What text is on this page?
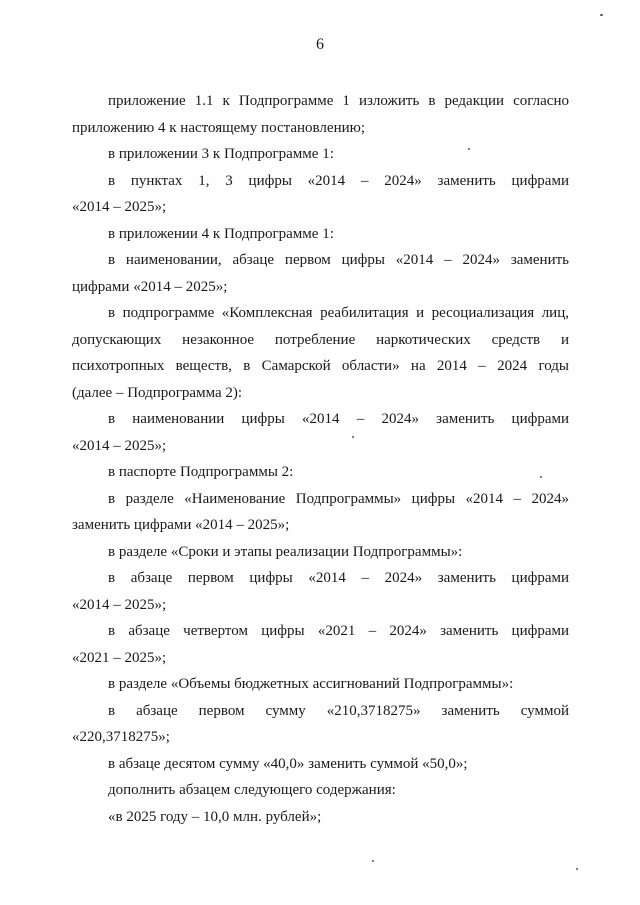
6
приложение 1.1 к Подпрограмме 1 изложить в редакции согласно
приложению 4 к настоящему постановлению;
в приложении 3 к Подпрограмме 1:
в пунктах 1, 3 цифры «2014 – 2024» заменить цифрами
«2014 – 2025»;
в приложении 4 к Подпрограмме 1:
в наименовании, абзаце первом цифры «2014 – 2024» заменить
цифрами «2014 – 2025»;
в подпрограмме «Комплексная реабилитация и ресоциализация лиц,
допускающих незаконное потребление наркотических средств и
психотропных веществ, в Самарской области» на 2014 – 2024 годы
(далее – Подпрограмма 2):
в наименовании цифры «2014 – 2024» заменить цифрами
«2014 – 2025»;
в паспорте Подпрограммы 2:
в разделе «Наименование Подпрограммы» цифры «2014 – 2024»
заменить цифрами «2014 – 2025»;
в разделе «Сроки и этапы реализации Подпрограммы»:
в абзаце первом цифры «2014 – 2024» заменить цифрами
«2014 – 2025»;
в абзаце четвертом цифры «2021 – 2024» заменить цифрами
«2021 – 2025»;
в разделе «Объемы бюджетных ассигнований Подпрограммы»:
в абзаце первом сумму «210,3718275» заменить суммой
«220,3718275»;
в абзаце десятом сумму «40,0» заменить суммой «50,0»;
дополнить абзацем следующего содержания:
«в 2025 году – 10,0 млн. рублей»;
